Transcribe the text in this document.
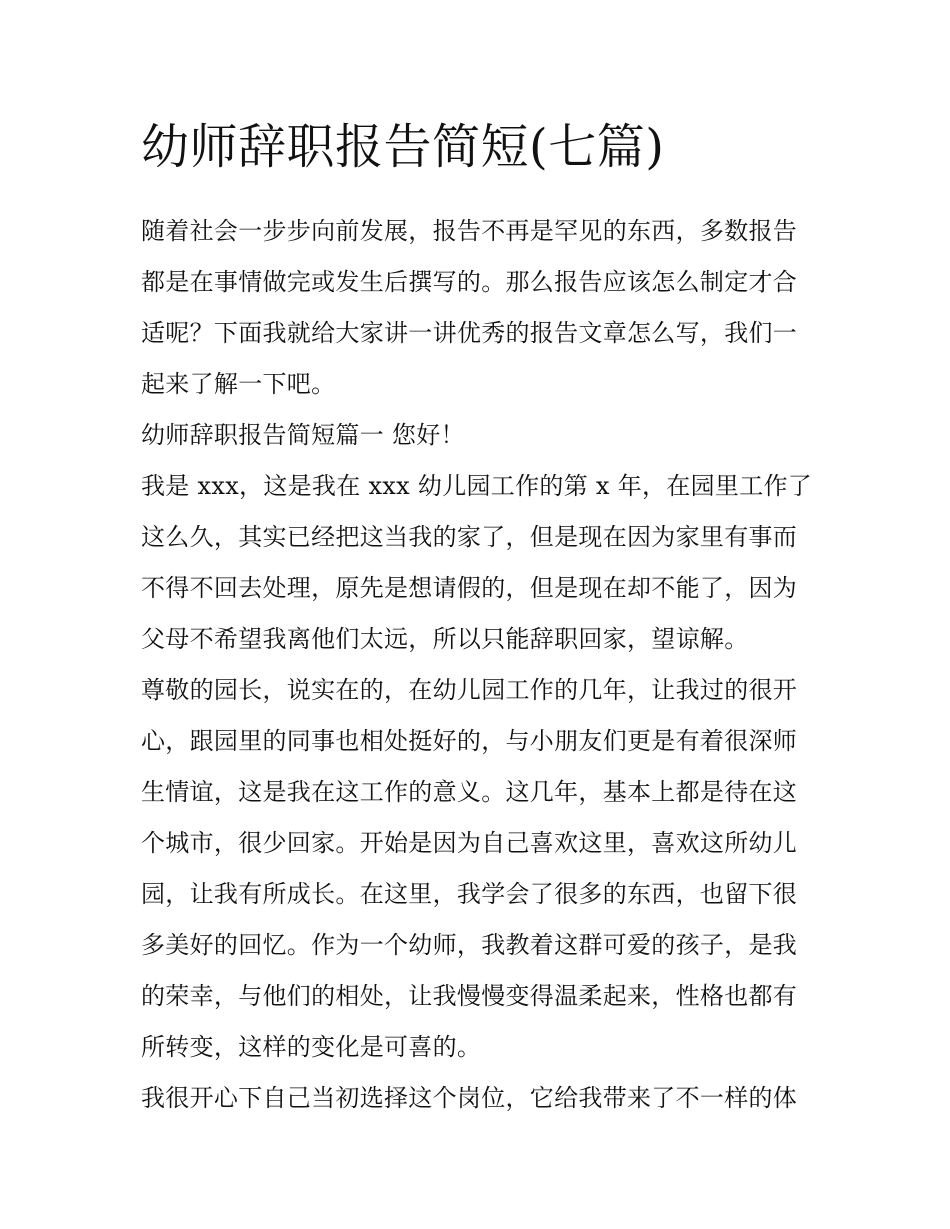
幼师辞职报告简短(七篇)

随着社会一步步向前发展，报告不再是罕见的东西，多数报告
都是在事情做完或发生后撰写的。那么报告应该怎么制定才合
适呢？下面我就给大家讲一讲优秀的报告文章怎么写，我们一
起来了解一下吧。

幼师辞职报告简短篇一 您好！

我是 xxx，这是我在 xxx 幼儿园工作的第 x 年，在园里工作了
这么久，其实已经把这当我的家了，但是现在因为家里有事而
不得不回去处理，原先是想请假的，但是现在却不能了，因为
父母不希望我离他们太远，所以只能辞职回家，望谅解。

尊敬的园长，说实在的，在幼儿园工作的几年，让我过的很开
心，跟园里的同事也相处挺好的，与小朋友们更是有着很深师
生情谊，这是我在这工作的意义。这几年，基本上都是待在这
个城市，很少回家。开始是因为自己喜欢这里，喜欢这所幼儿
园，让我有所成长。在这里，我学会了很多的东西，也留下很
多美好的回忆。作为一个幼师，我教着这群可爱的孩子，是我
的荣幸，与他们的相处，让我慢慢变得温柔起来，性格也都有
所转变，这样的变化是可喜的。

我很开心下自己当初选择这个岗位，它给我带来了不一样的体
